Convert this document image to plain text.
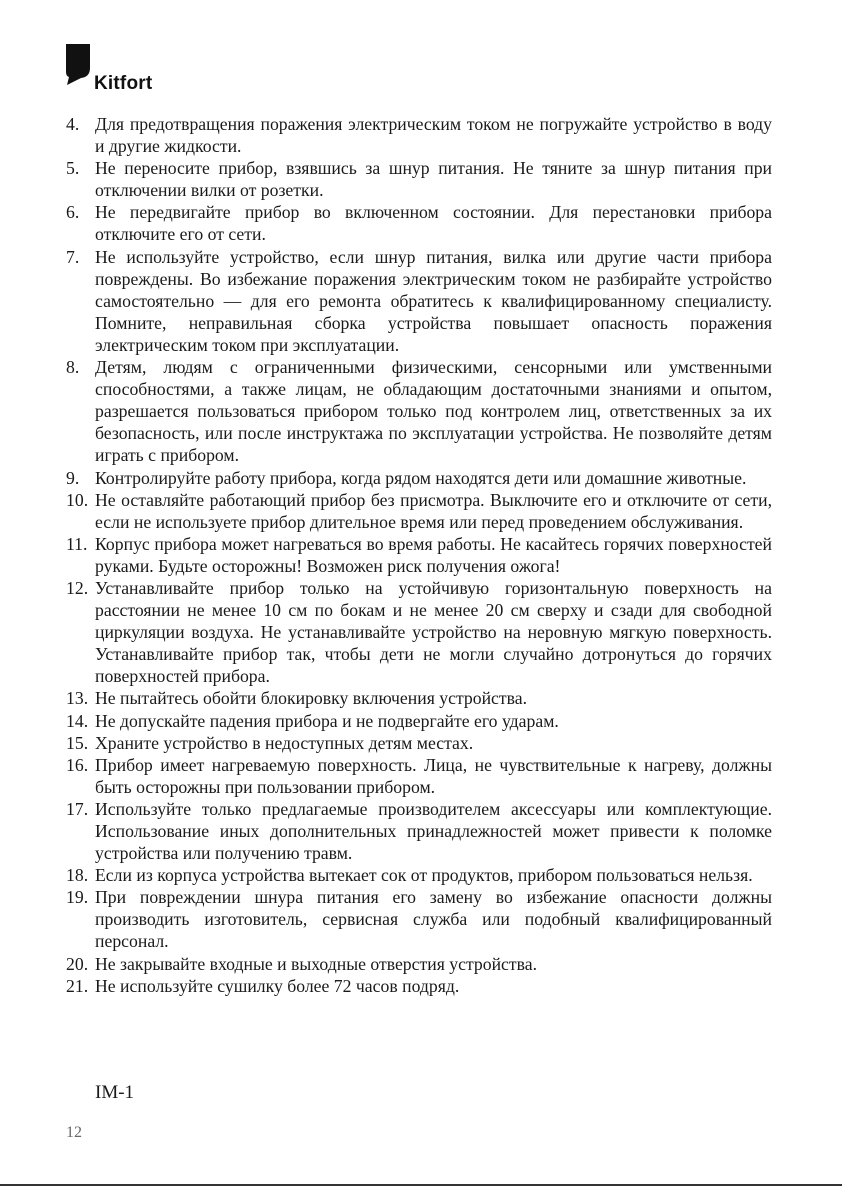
Kitfort
4. Для предотвращения поражения электрическим током не погружайте устройство в воду и другие жидкости.
5. Не переносите прибор, взявшись за шнур питания. Не тяните за шнур питания при отключении вилки от розетки.
6. Не передвигайте прибор во включенном состоянии. Для перестановки прибора отключите его от сети.
7. Не используйте устройство, если шнур питания, вилка или другие части прибора повреждены. Во избежание поражения электрическим током не разбирайте устройство самостоятельно — для его ремонта обратитесь к квалифицированному специалисту. Помните, неправильная сборка устройства повышает опасность поражения электрическим током при эксплуатации.
8. Детям, людям с ограниченными физическими, сенсорными или умственными способностями, а также лицам, не обладающим достаточными знаниями и опытом, разрешается пользоваться прибором только под контролем лиц, ответственных за их безопасность, или после инструктажа по эксплуатации устройства. Не позволяйте детям играть с прибором.
9. Контролируйте работу прибора, когда рядом находятся дети или домашние животные.
10. Не оставляйте работающий прибор без присмотра. Выключите его и отключите от сети, если не используете прибор длительное время или перед проведением обслуживания.
11. Корпус прибора может нагреваться во время работы. Не касайтесь горячих поверхностей руками. Будьте осторожны! Возможен риск получения ожога!
12. Устанавливайте прибор только на устойчивую горизонтальную поверхность на расстоянии не менее 10 см по бокам и не менее 20 см сверху и сзади для свободной циркуляции воздуха. Не устанавливайте устройство на неровную мягкую поверхность. Устанавливайте прибор так, чтобы дети не могли случайно дотронуться до горячих поверхностей прибора.
13. Не пытайтесь обойти блокировку включения устройства.
14. Не допускайте падения прибора и не подвергайте его ударам.
15. Храните устройство в недоступных детям местах.
16. Прибор имеет нагреваемую поверхность. Лица, не чувствительные к нагреву, должны быть осторожны при пользовании прибором.
17. Используйте только предлагаемые производителем аксессуары или комплектующие. Использование иных дополнительных принадлежностей может привести к поломке устройства или получению травм.
18. Если из корпуса устройства вытекает сок от продуктов, прибором пользоваться нельзя.
19. При повреждении шнура питания его замену во избежание опасности должны производить изготовитель, сервисная служба или подобный квалифицированный персонал.
20. Не закрывайте входные и выходные отверстия устройства.
21. Не используйте сушилку более 72 часов подряд.
IM-1
12
